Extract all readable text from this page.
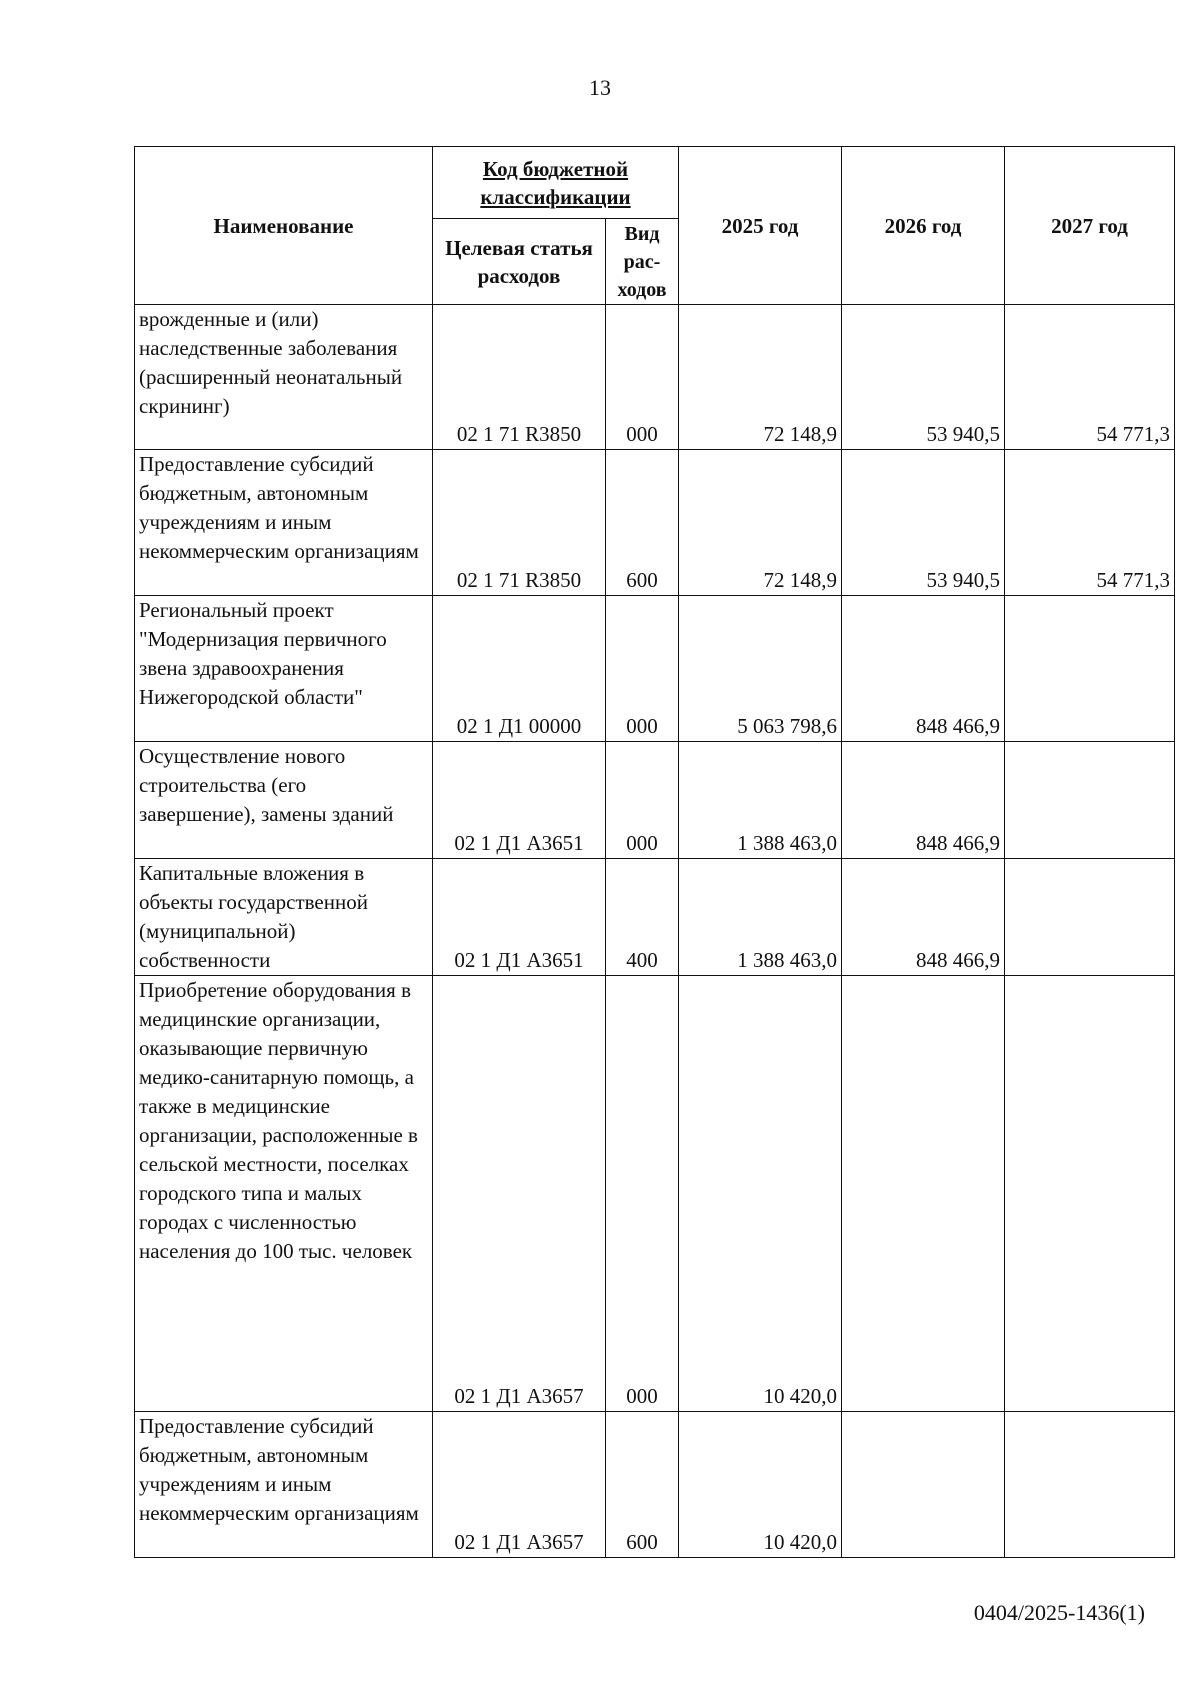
13
Наименование	Код бюджетной классификации		2025 год	2026 год	2027 год
	Целевая статья расходов	Вид рас-ходов			
врожденные и (или) наследственные заболевания (расширенный неонатальный скрининг)	02 1 71 R3850	000	72 148,9	53 940,5	54 771,3
Предоставление субсидий бюджетным, автономным учреждениям и иным некоммерческим организациям	02 1 71 R3850	600	72 148,9	53 940,5	54 771,3
Региональный проект "Модернизация первичного звена здравоохранения Нижегородской области"	02 1 Д1 00000	000	5 063 798,6	848 466,9	
Осуществление нового строительства (его завершение), замены зданий	02 1 Д1 А3651	000	1 388 463,0	848 466,9	
Капитальные вложения в объекты государственной (муниципальной) собственности	02 1 Д1 А3651	400	1 388 463,0	848 466,9	
Приобретение оборудования в медицинские организации, оказывающие первичную медико-санитарную помощь, а также в медицинские организации, расположенные в сельской местности, поселках городского типа и малых городах с численностью населения до 100 тыс. человек	02 1 Д1 А3657	000	10 420,0		
Предоставление субсидий бюджетным, автономным учреждениям и иным некоммерческим организациям	02 1 Д1 А3657	600	10 420,0		
0404/2025-1436(1)
